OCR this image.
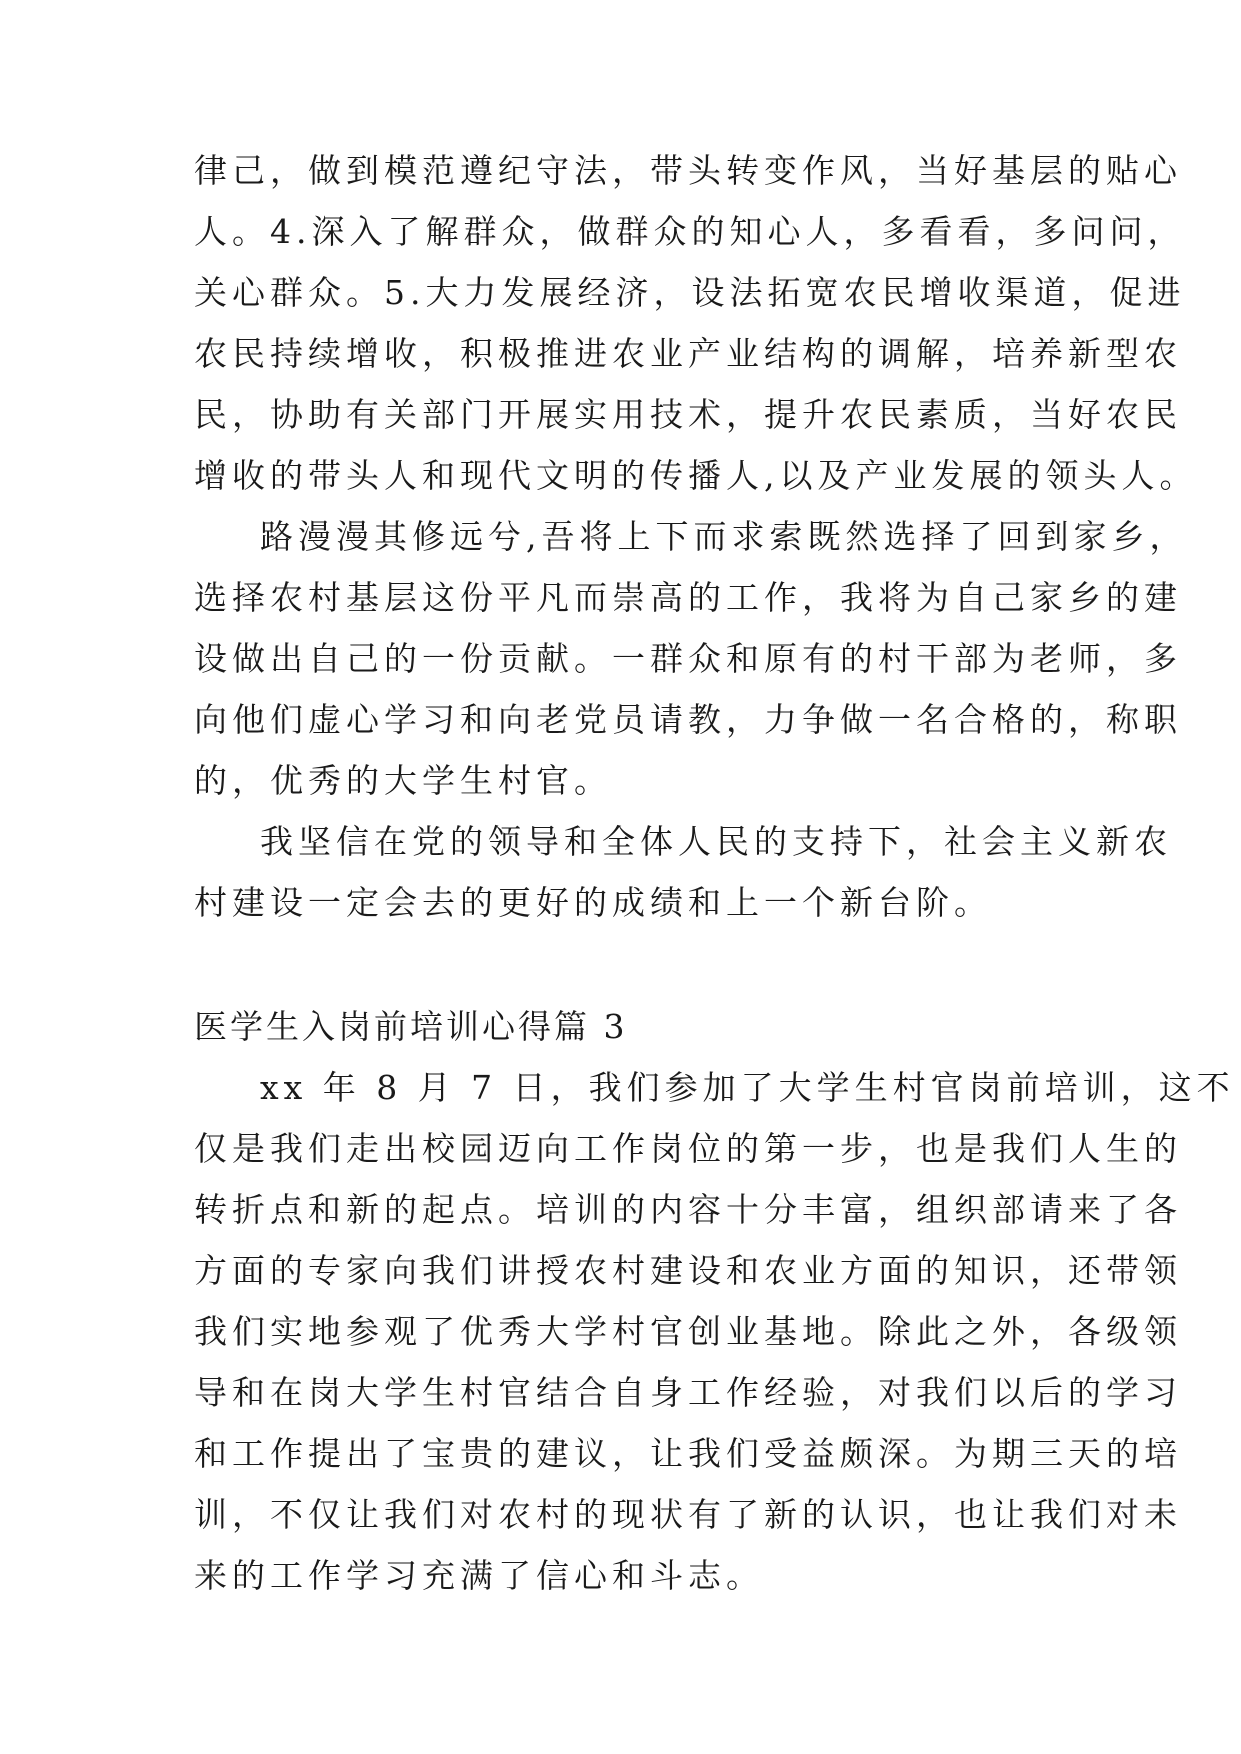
律己，做到模范遵纪守法，带头转变作风，当好基层的贴心
人。4.深入了解群众，做群众的知心人，多看看，多问问，
关心群众。5.大力发展经济，设法拓宽农民增收渠道，促进
农民持续增收，积极推进农业产业结构的调解，培养新型农
民，协助有关部门开展实用技术，提升农民素质，当好农民
增收的带头人和现代文明的传播人,以及产业发展的领头人。
路漫漫其修远兮,吾将上下而求索既然选择了回到家乡，
选择农村基层这份平凡而崇高的工作，我将为自己家乡的建
设做出自己的一份贡献。一群众和原有的村干部为老师，多
向他们虚心学习和向老党员请教，力争做一名合格的，称职
的，优秀的大学生村官。
我坚信在党的领导和全体人民的支持下，社会主义新农
村建设一定会去的更好的成绩和上一个新台阶。
医学生入岗前培训心得篇 3
xx 年 8 月 7 日，我们参加了大学生村官岗前培训，这不
仅是我们走出校园迈向工作岗位的第一步，也是我们人生的
转折点和新的起点。培训的内容十分丰富，组织部请来了各
方面的专家向我们讲授农村建设和农业方面的知识，还带领
我们实地参观了优秀大学村官创业基地。除此之外，各级领
导和在岗大学生村官结合自身工作经验，对我们以后的学习
和工作提出了宝贵的建议，让我们受益颇深。为期三天的培
训，不仅让我们对农村的现状有了新的认识，也让我们对未
来的工作学习充满了信心和斗志。
